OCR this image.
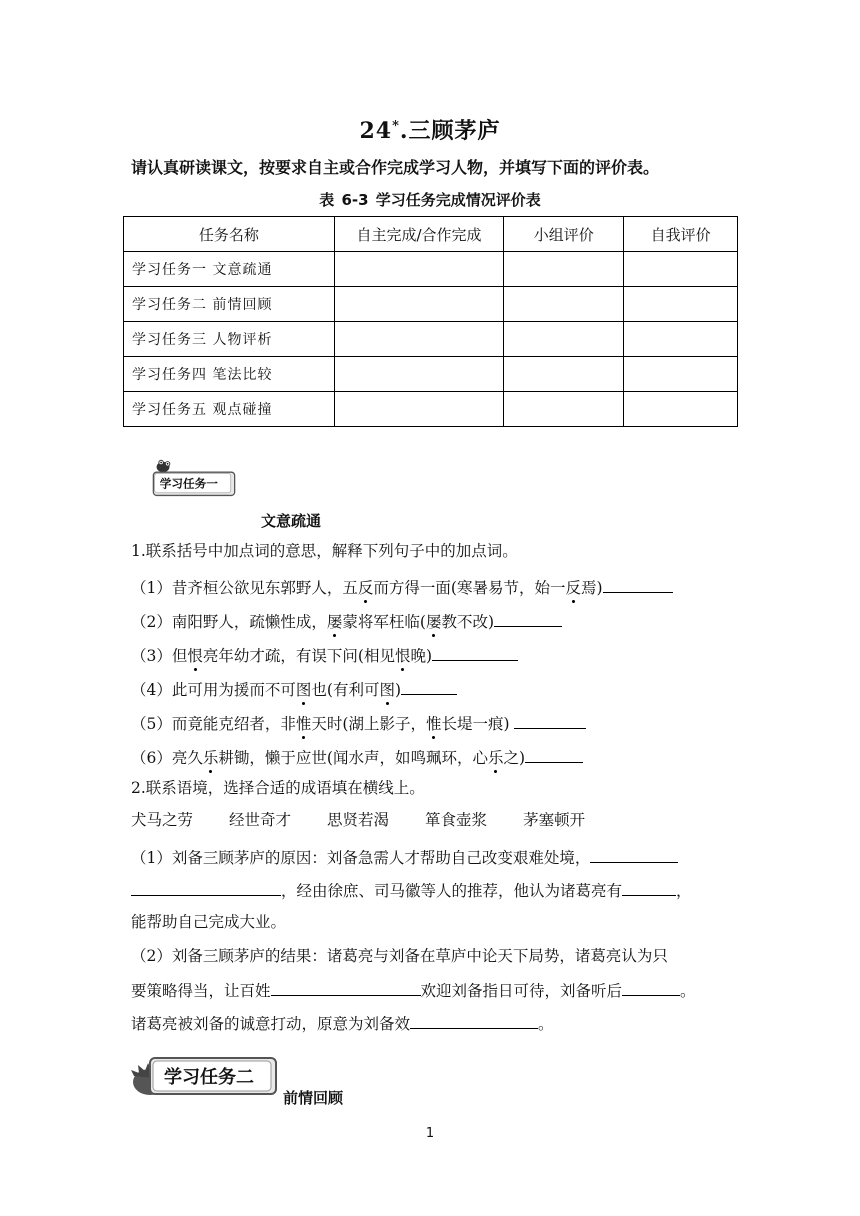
24*.三顾茅庐
请认真研读课文，按要求自主或合作完成学习人物，并填写下面的评价表。
表 6-3 学习任务完成情况评价表
任务名称	自主完成/合作完成	小组评价	自我评价
学习任务一 文意疏通			
学习任务二 前情回顾			
学习任务三 人物评析			
学习任务四 笔法比较			
学习任务五 观点碰撞			
学习任务一
文意疏通
1.联系括号中加点词的意思，解释下列句子中的加点词。
（1）昔齐桓公欲见东郭野人，五反而方得一面(寒暑易节，始一反焉)
（2）南阳野人，疏懒性成，屡蒙将军枉临(屡教不改)
（3）但恨亮年幼才疏，有误下问(相见恨晚)
（4）此可用为援而不可图也(有利可图)
（5）而竟能克绍者，非惟天时(湖上影子，惟长堤一痕)
（6）亮久乐耕锄，懒于应世(闻水声，如鸣珮环，心乐之)
2.联系语境，选择合适的成语填在横线上。
犬马之劳 经世奇才 思贤若渴 箪食壶浆 茅塞顿开
（1）刘备三顾茅庐的原因：刘备急需人才帮助自己改变艰难处境，
，经由徐庶、司马徽等人的推荐，他认为诸葛亮有	，
能帮助自己完成大业。
（2）刘备三顾茅庐的结果：诸葛亮与刘备在草庐中论天下局势，诸葛亮认为只
要策略得当，让百姓	欢迎刘备指日可待，刘备听后	。
诸葛亮被刘备的诚意打动，原意为刘备效	。
学习任务二
前情回顾
1
